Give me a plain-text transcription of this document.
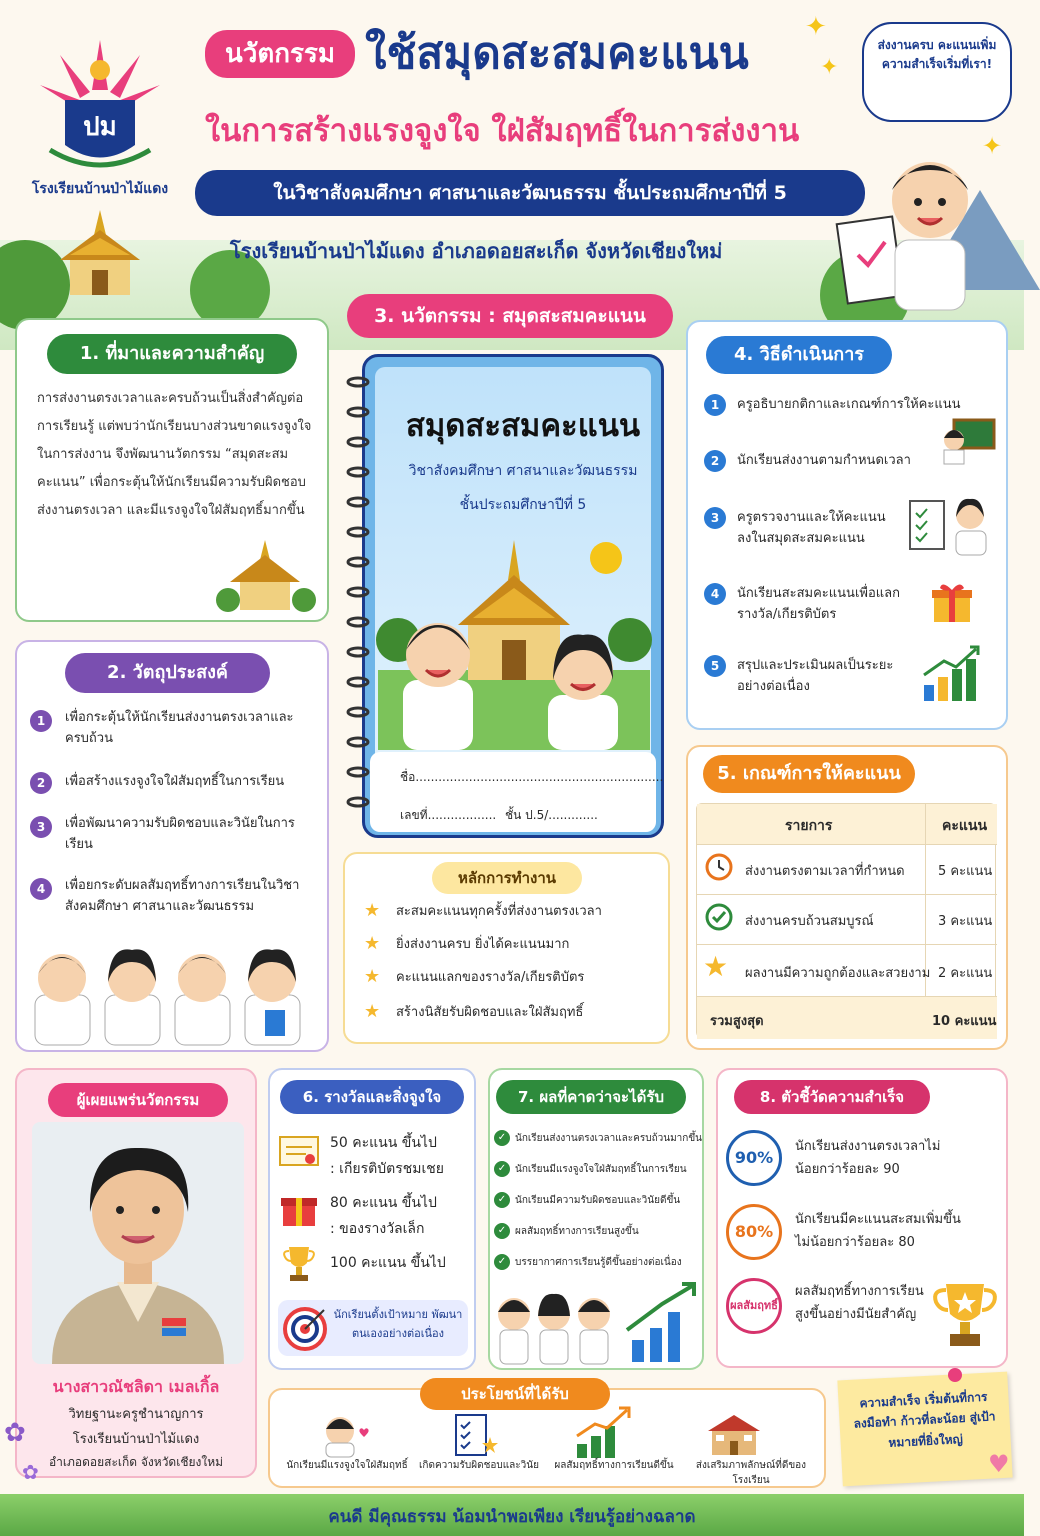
ปม
โรงเรียนบ้านป่าไม้แดง
นวัตกรรม ใช้สมุดสะสมคะแนน
ในการสร้างแรงจูงใจ ใฝ่สัมฤทธิ์ในการส่งงาน
ในวิชาสังคมศึกษา ศาสนาและวัฒนธรรม ชั้นประถมศึกษาปีที่ 5
โรงเรียนบ้านป่าไม้แดง อำเภอดอยสะเก็ด จังหวัดเชียงใหม่
ส่งงานครบ คะแนนเพิ่ม ความสำเร็จเริ่มที่เรา!
✦
✦
✦
3. นวัตกรรม : สมุดสะสมคะแนน
1. ที่มาและความสำคัญ
การส่งงานตรงเวลาและครบถ้วนเป็นสิ่งสำคัญต่อการเรียนรู้ แต่พบว่านักเรียนบางส่วนขาดแรงจูงใจในการส่งงาน จึงพัฒนานวัตกรรม “สมุดสะสมคะแนน” เพื่อกระตุ้นให้นักเรียนมีความรับผิดชอบ ส่งงานตรงเวลา และมีแรงจูงใจใฝ่สัมฤทธิ์มากขึ้น
2. วัตถุประสงค์
1	เพื่อกระตุ้นให้นักเรียนส่งงานตรงเวลาและครบถ้วน
2	เพื่อสร้างแรงจูงใจใฝ่สัมฤทธิ์ในการเรียน
3	เพื่อพัฒนาความรับผิดชอบและวินัยในการเรียน
4	เพื่อยกระดับผลสัมฤทธิ์ทางการเรียนในวิชาสังคมศึกษา ศาสนาและวัฒนธรรม
สมุดสะสมคะแนน
วิชาสังคมศึกษา ศาสนาและวัฒนธรรม
ชั้นประถมศึกษาปีที่ 5
ชื่อ.................................................................
เลขที่.................. ชั้น ป.5/.............
หลักการทำงาน
★ สะสมคะแนนทุกครั้งที่ส่งงานตรงเวลา
★ ยิ่งส่งงานครบ ยิ่งได้คะแนนมาก
★ คะแนนแลกของรางวัล/เกียรติบัตร
★ สร้างนิสัยรับผิดชอบและใฝ่สัมฤทธิ์
4. วิธีดำเนินการ
1	ครูอธิบายกติกาและเกณฑ์การให้คะแนน
2	นักเรียนส่งงานตามกำหนดเวลา
3	ครูตรวจงานและให้คะแนนลงในสมุดสะสมคะแนน
4	นักเรียนสะสมคะแนนเพื่อแลกรางวัล/เกียรติบัตร
5	สรุปและประเมินผลเป็นระยะอย่างต่อเนื่อง
5. เกณฑ์การให้คะแนน
รายการ	คะแนน
ส่งงานตรงตามเวลาที่กำหนด	5 คะแนน
ส่งงานครบถ้วนสมบูรณ์	3 คะแนน
★ ผลงานมีความถูกต้องและสวยงาม 2 คะแนน
รวมสูงสุด	10 คะแนน
ผู้เผยแพร่นวัตกรรม
นางสาวณัชลิดา เมลเกิ้ล
วิทยฐานะครูชำนาญการ
โรงเรียนบ้านป่าไม้แดง
อำเภอดอยสะเก็ด จังหวัดเชียงใหม่
6. รางวัลและสิ่งจูงใจ
50 คะแนน ขึ้นไป
: เกียรติบัตรชมเชย
80 คะแนน ขึ้นไป
: ของรางวัลเล็ก
100 คะแนน ขึ้นไป
นักเรียนตั้งเป้าหมาย พัฒนาตนเองอย่างต่อเนื่อง
7. ผลที่คาดว่าจะได้รับ
✓ นักเรียนส่งงานตรงเวลาและครบถ้วนมากขึ้น
✓ นักเรียนมีแรงจูงใจใฝ่สัมฤทธิ์ในการเรียน
✓ นักเรียนมีความรับผิดชอบและวินัยดีขึ้น
✓ ผลสัมฤทธิ์ทางการเรียนสูงขึ้น
✓ บรรยากาศการเรียนรู้ดีขึ้นอย่างต่อเนื่อง
8. ตัวชี้วัดความสำเร็จ
90%
นักเรียนส่งงานตรงเวลาไม่น้อยกว่าร้อยละ 90
80%
นักเรียนมีคะแนนสะสมเพิ่มขึ้นไม่น้อยกว่าร้อยละ 80
ผลสัมฤทธิ์
ผลสัมฤทธิ์ทางการเรียนสูงขึ้นอย่างมีนัยสำคัญ
ประโยชน์ที่ได้รับ
นักเรียนมีแรงจูงใจใฝ่สัมฤทธิ์	เกิดความรับผิดชอบและวินัย	ผลสัมฤทธิ์ทางการเรียนดีขึ้น	ส่งเสริมภาพลักษณ์ที่ดีของโรงเรียน
ความสำเร็จ เริ่มต้นที่การลงมือทำ ก้าวที่ละน้อย สู่เป้าหมายที่ยิ่งใหญ่
♥
✿
✿
คนดี มีคุณธรรม น้อมนำพอเพียง เรียนรู้อย่างฉลาด
